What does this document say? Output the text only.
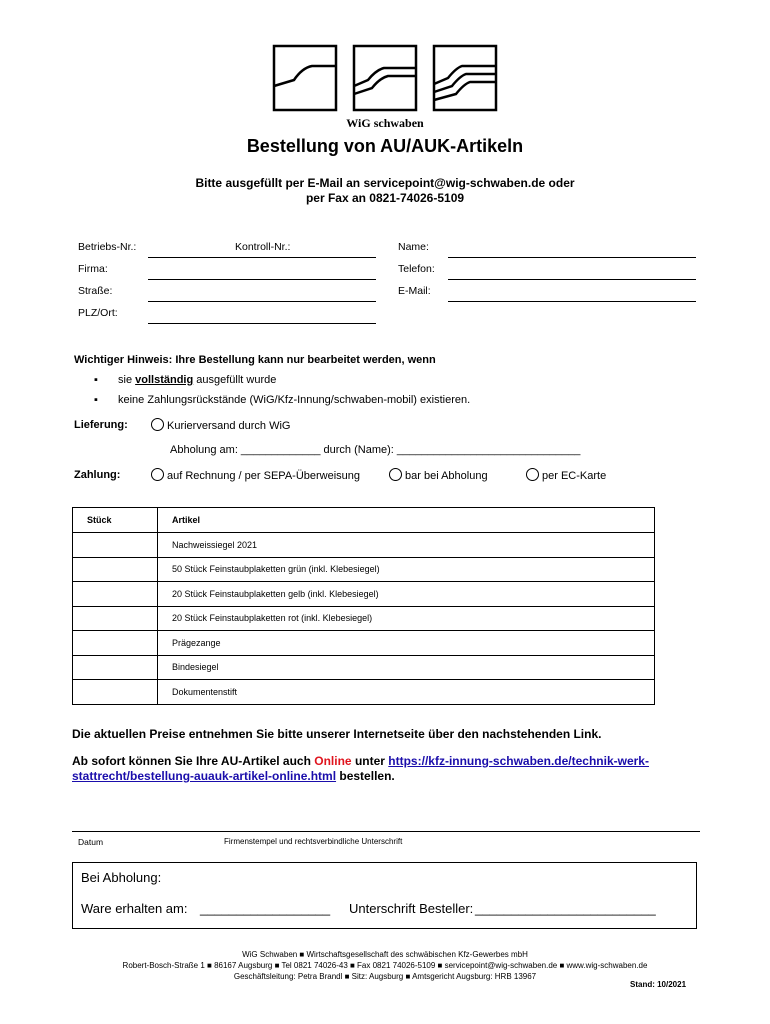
WiG schwaben
Bestellung von AU/AUK-Artikeln
Bitte ausgefüllt per E-Mail an servicepoint@wig-schwaben.de oder
per Fax an 0821-74026-5109
Betriebs-Nr.:	Kontroll-Nr.:	Name:
Firma:	Telefon:
Straße:	E-Mail:
PLZ/Ort:
Wichtiger Hinweis: Ihre Bestellung kann nur bearbeitet werden, wenn
▪ sie vollständig ausgefüllt wurde
▪ keine Zahlungsrückstände (WiG/Kfz-Innung/schwaben-mobil) existieren.
Lieferung:	Kurierversand durch WiG
Abholung am: _____________ durch (Name): ______________________________
Zahlung:	auf Rechnung / per SEPA-Überweisung	bar bei Abholung	per EC-Karte
Stück	Artikel
	Nachweissiegel 2021
	50 Stück Feinstaubplaketten grün (inkl. Klebesiegel)
	20 Stück Feinstaubplaketten gelb (inkl. Klebesiegel)
	20 Stück Feinstaubplaketten rot (inkl. Klebesiegel)
	Prägezange
	Bindesiegel
	Dokumentenstift
Die aktuellen Preise entnehmen Sie bitte unserer Internetseite über den nachstehenden Link.
Ab sofort können Sie Ihre AU-Artikel auch Online unter https://kfz-innung-schwaben.de/technik-werk-
stattrecht/bestellung-auauk-artikel-online.html bestellen.
Datum	Firmenstempel und rechtsverbindliche Unterschrift
Bei Abholung:
Ware erhalten am: __________________ Unterschrift Besteller: _________________________
WiG Schwaben ■ Wirtschaftsgesellschaft des schwäbischen Kfz-Gewerbes mbH
Robert-Bosch-Straße 1 ■ 86167 Augsburg ■ Tel 0821 74026-43 ■ Fax 0821 74026-5109 ■ servicepoint@wig-schwaben.de ■ www.wig-schwaben.de
Geschäftsleitung: Petra Brandl ■ Sitz: Augsburg ■ Amtsgericht Augsburg: HRB 13967
Stand: 10/2021
